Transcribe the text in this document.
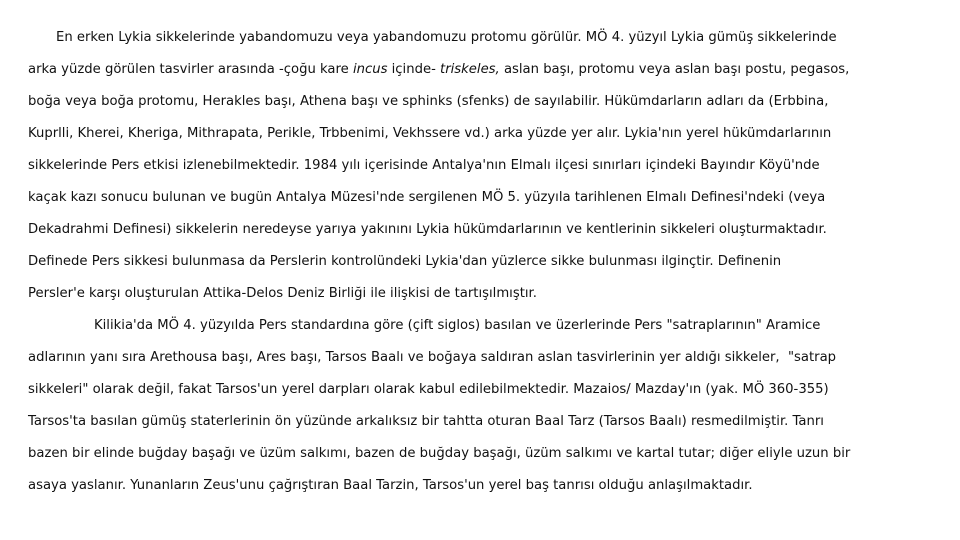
En erken Lykia sikkelerinde yabandomuzu veya yabandomuzu protomu görülür. MÖ 4. yüzyıl Lykia gümüş sikkelerinde
arka yüzde görülen tasvirler arasında -çoğu kare incus içinde- triskeles, aslan başı, protomu veya aslan başı postu, pegasos,
boğa veya boğa protomu, Herakles başı, Athena başı ve sphinks (sfenks) de sayılabilir. Hükümdarların adları da (Erbbina,
Kuprlli, Kherei, Kheriga, Mithrapata, Perikle, Trbbenimi, Vekhssere vd.) arka yüzde yer alır. Lykia'nın yerel hükümdarlarının
sikkelerinde Pers etkisi izlenebilmektedir. 1984 yılı içerisinde Antalya'nın Elmalı ilçesi sınırları içindeki Bayındır Köyü'nde
kaçak kazı sonucu bulunan ve bugün Antalya Müzesi'nde sergilenen MÖ 5. yüzyıla tarihlenen Elmalı Definesi'ndeki (veya
Dekadrahmi Definesi) sikkelerin neredeyse yarıya yakınını Lykia hükümdarlarının ve kentlerinin sikkeleri oluşturmaktadır.
Definede Pers sikkesi bulunmasa da Perslerin kontrolündeki Lykia'dan yüzlerce sikke bulunması ilginçtir. Definenin
Persler'e karşı oluşturulan Attika-Delos Deniz Birliği ile ilişkisi de tartışılmıştır.
Kilikia'da MÖ 4. yüzyılda Pers standardına göre (çift siglos) basılan ve üzerlerinde Pers "satraplarının" Aramice
adlarının yanı sıra Arethousa başı, Ares başı, Tarsos Baalı ve boğaya saldıran aslan tasvirlerinin yer aldığı sikkeler,  "satrap
sikkeleri" olarak değil, fakat Tarsos'un yerel darpları olarak kabul edilebilmektedir. Mazaios/ Mazday'ın (yak. MÖ 360-355)
Tarsos'ta basılan gümüş staterlerinin ön yüzünde arkalıksız bir tahtta oturan Baal Tarz (Tarsos Baalı) resmedilmiştir. Tanrı
bazen bir elinde buğday başağı ve üzüm salkımı, bazen de buğday başağı, üzüm salkımı ve kartal tutar; diğer eliyle uzun bir
asaya yaslanır. Yunanların Zeus'unu çağrıştıran Baal Tarzin, Tarsos'un yerel baş tanrısı olduğu anlaşılmaktadır.
